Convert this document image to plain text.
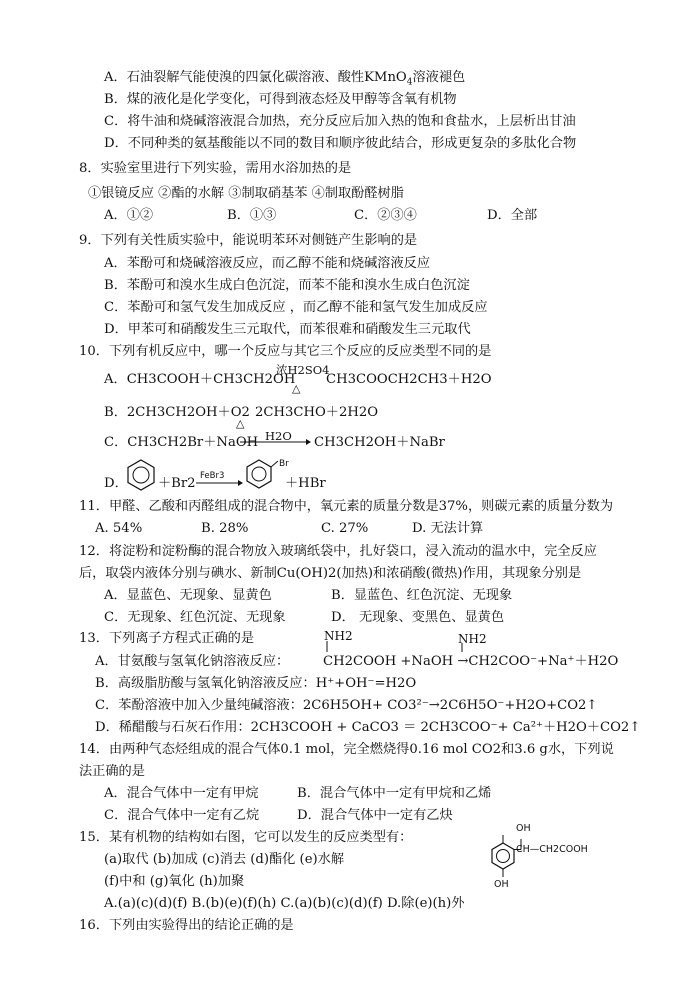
A．石油裂解气能使溴的四氯化碳溶液、酸性KMnO$_4$溶液褪色
B．煤的液化是化学变化，可得到液态烃及甲醇等含氧有机物
C．将牛油和烧碱溶液混合加热，充分反应后加入热的饱和食盐水，上层析出甘油
D．不同种类的氨基酸能以不同的数目和顺序彼此结合，形成更复杂的多肽化合物
8．实验室里进行下列实验，需用水浴加热的是
①银镜反应 ②酯的水解 ③制取硝基苯 ④制取酚醛树脂
A．①②	B．①③	C．②③④	D．全部
9．下列有关性质实验中，能说明苯环对侧链产生影响的是
A．苯酚可和烧碱溶液反应，而乙醇不能和烧碱溶液反应
B．苯酚可和溴水生成白色沉淀，而苯不能和溴水生成白色沉淀
C．苯酚可和氢气发生加成反应 ，而乙醇不能和氢气发生加成反应
D．甲苯可和硝酸发生三元取代，而苯很难和硝酸发生三元取代
10．下列有机反应中，哪一个反应与其它三个反应的反应类型不同的是
A．CH3COOH＋CH3CH2OH
浓H2SO4
△
CH3COOCH2CH3＋H2O
B．2CH3CH2OH＋O2
△
2CH3CHO＋2H2O
C．CH3CH2Br＋NaOH H2O CH3CH2OH＋NaBr
D． ＋Br2 FeBr3
Br
＋HBr
11．甲醛、乙酸和丙醛组成的混合物中，氧元素的质量分数是37%，则碳元素的质量分数为
A. 54%	B. 28%	C. 27%	D. 无法计算
12．将淀粉和淀粉酶的混合物放入玻璃纸袋中，扎好袋口，浸入流动的温水中，完全反应
后，取袋内液体分别与碘水、新制Cu(OH)2(加热)和浓硝酸(微热)作用，其现象分别是
A．显蓝色、无现象、显黄色	B．显蓝色、红色沉淀、无现象
C．无现象、红色沉淀、无现象	D． 无现象、变黑色、显黄色
13．下列离子方程式正确的是	NH2	NH2
A．甘氨酸与氢氧化钠溶液反应：	CH2COOH +NaOH →CH2COO⁻+Na⁺＋H2O
B．高级脂肪酸与氢氧化钠溶液反应：H⁺+OH⁻=H2O
C．苯酚溶液中加入少量纯碱溶液：2C6H5OH+ CO3²⁻→2C6H5O⁻+H2O+CO2↑
D．稀醋酸与石灰石作用：2CH3COOH + CaCO3 ＝ 2CH3COO⁻+ Ca²⁺＋H2O＋CO2↑
14．由两种气态烃组成的混合气体0.1 mol，完全燃烧得0.16 mol CO2和3.6 g水，下列说
法正确的是
A．混合气体中一定有甲烷	B．混合气体中一定有甲烷和乙烯
C．混合气体中一定有乙烷	D．混合气体中一定有乙炔
15．某有机物的结构如右图，它可以发生的反应类型有：
(a)取代 (b)加成 (c)消去 (d)酯化 (e)水解
(f)中和 (g)氧化 (h)加聚
A.(a)(c)(d)(f) B.(b)(e)(f)(h) C.(a)(b)(c)(d)(f) D.除(e)(h)外
OH
CH—CH2COOH
OH
16．下列由实验得出的结论正确的是
